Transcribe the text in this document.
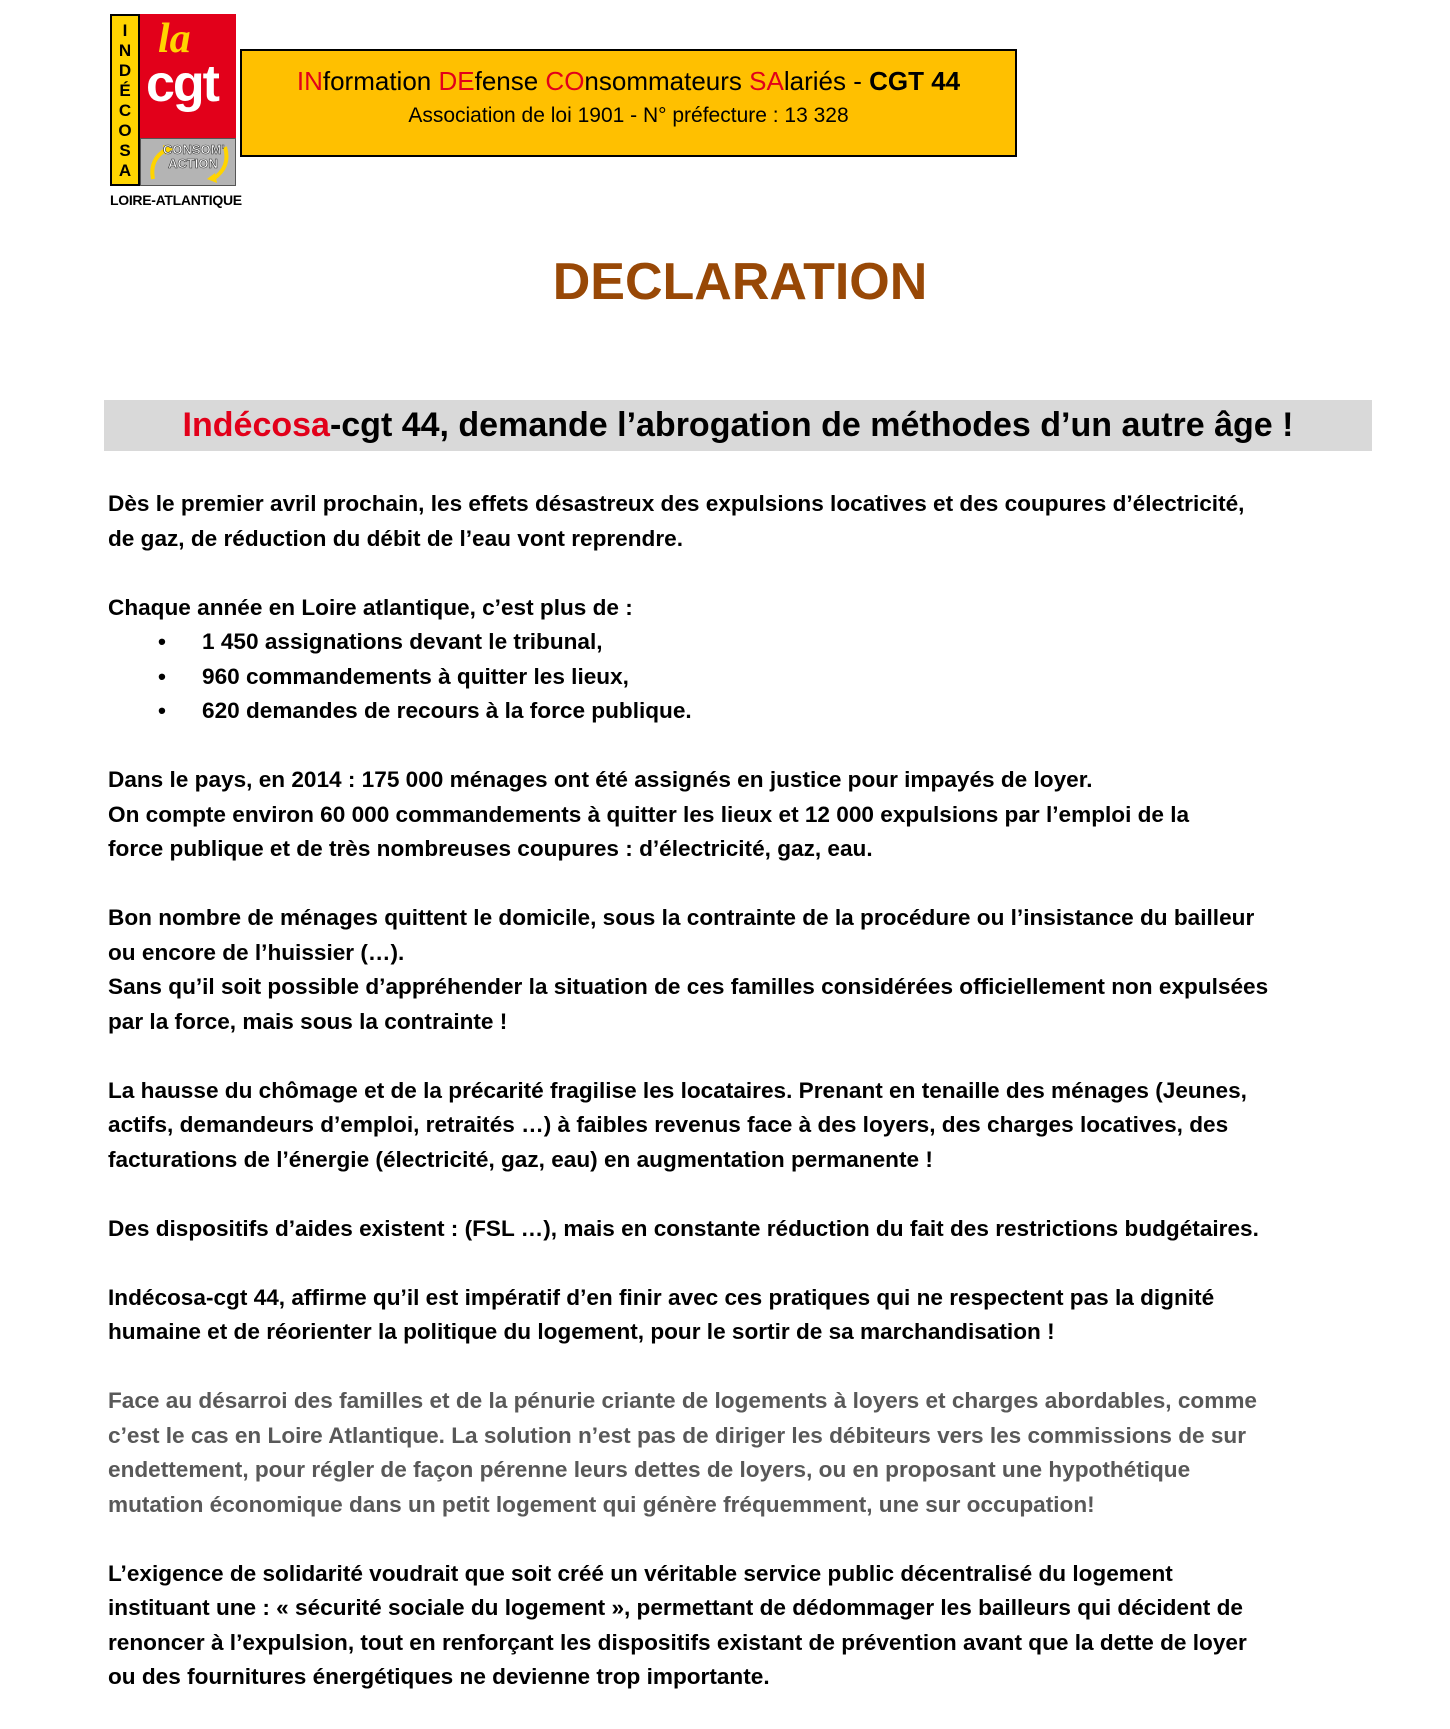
I
N
D
É
C
O
S
A
la
cgt
CONSOM'
ACTION
LOIRE-ATLANTIQUE
INformation DEfense COnsommateurs SAlariés - CGT 44
Association de loi 1901 - N° préfecture : 13 328
DECLARATION
Indécosa-cgt 44, demande l’abrogation de méthodes d’un autre âge !

Dès le premier avril prochain, les effets désastreux des expulsions locatives et des coupures d’électricité,
de gaz, de réduction du débit de l’eau vont reprendre.

Chaque année en Loire atlantique, c’est plus de :

• 1 450 assignations devant le tribunal,
• 960 commandements à quitter les lieux,
• 620 demandes de recours à la force publique.

Dans le pays, en 2014 : 175 000 ménages ont été assignés en justice pour impayés de loyer.
On compte environ 60 000 commandements à quitter les lieux et 12 000 expulsions par l’emploi de la
force publique et de très nombreuses coupures : d’électricité, gaz, eau.

Bon nombre de ménages quittent le domicile, sous la contrainte de la procédure ou l’insistance du bailleur
ou encore de l’huissier (…).
Sans qu’il soit possible d’appréhender la situation de ces familles considérées officiellement non expulsées
par la force, mais sous la contrainte !

La hausse du chômage et de la précarité fragilise les locataires. Prenant en tenaille des ménages (Jeunes,
actifs, demandeurs d’emploi, retraités …) à faibles revenus face à des loyers, des charges locatives, des
facturations de l’énergie (électricité, gaz, eau) en augmentation permanente !

Des dispositifs d’aides existent : (FSL …), mais en constante réduction du fait des restrictions budgétaires.

Indécosa-cgt 44, affirme qu’il est impératif d’en finir avec ces pratiques qui ne respectent pas la dignité
humaine et de réorienter la politique du logement, pour le sortir de sa marchandisation !

Face au désarroi des familles et de la pénurie criante de logements à loyers et charges abordables, comme
c’est le cas en Loire Atlantique. La solution n’est pas de diriger les débiteurs vers les commissions de sur
endettement, pour régler de façon pérenne leurs dettes de loyers, ou en proposant une hypothétique
mutation économique dans un petit logement qui génère fréquemment, une sur occupation!

L’exigence de solidarité voudrait que soit créé un véritable service public décentralisé du logement
instituant une : « sécurité sociale du logement », permettant de dédommager les bailleurs qui décident de
renoncer à l’expulsion, tout en renforçant les dispositifs existant de prévention avant que la dette de loyer
ou des fournitures énergétiques ne devienne trop importante.
